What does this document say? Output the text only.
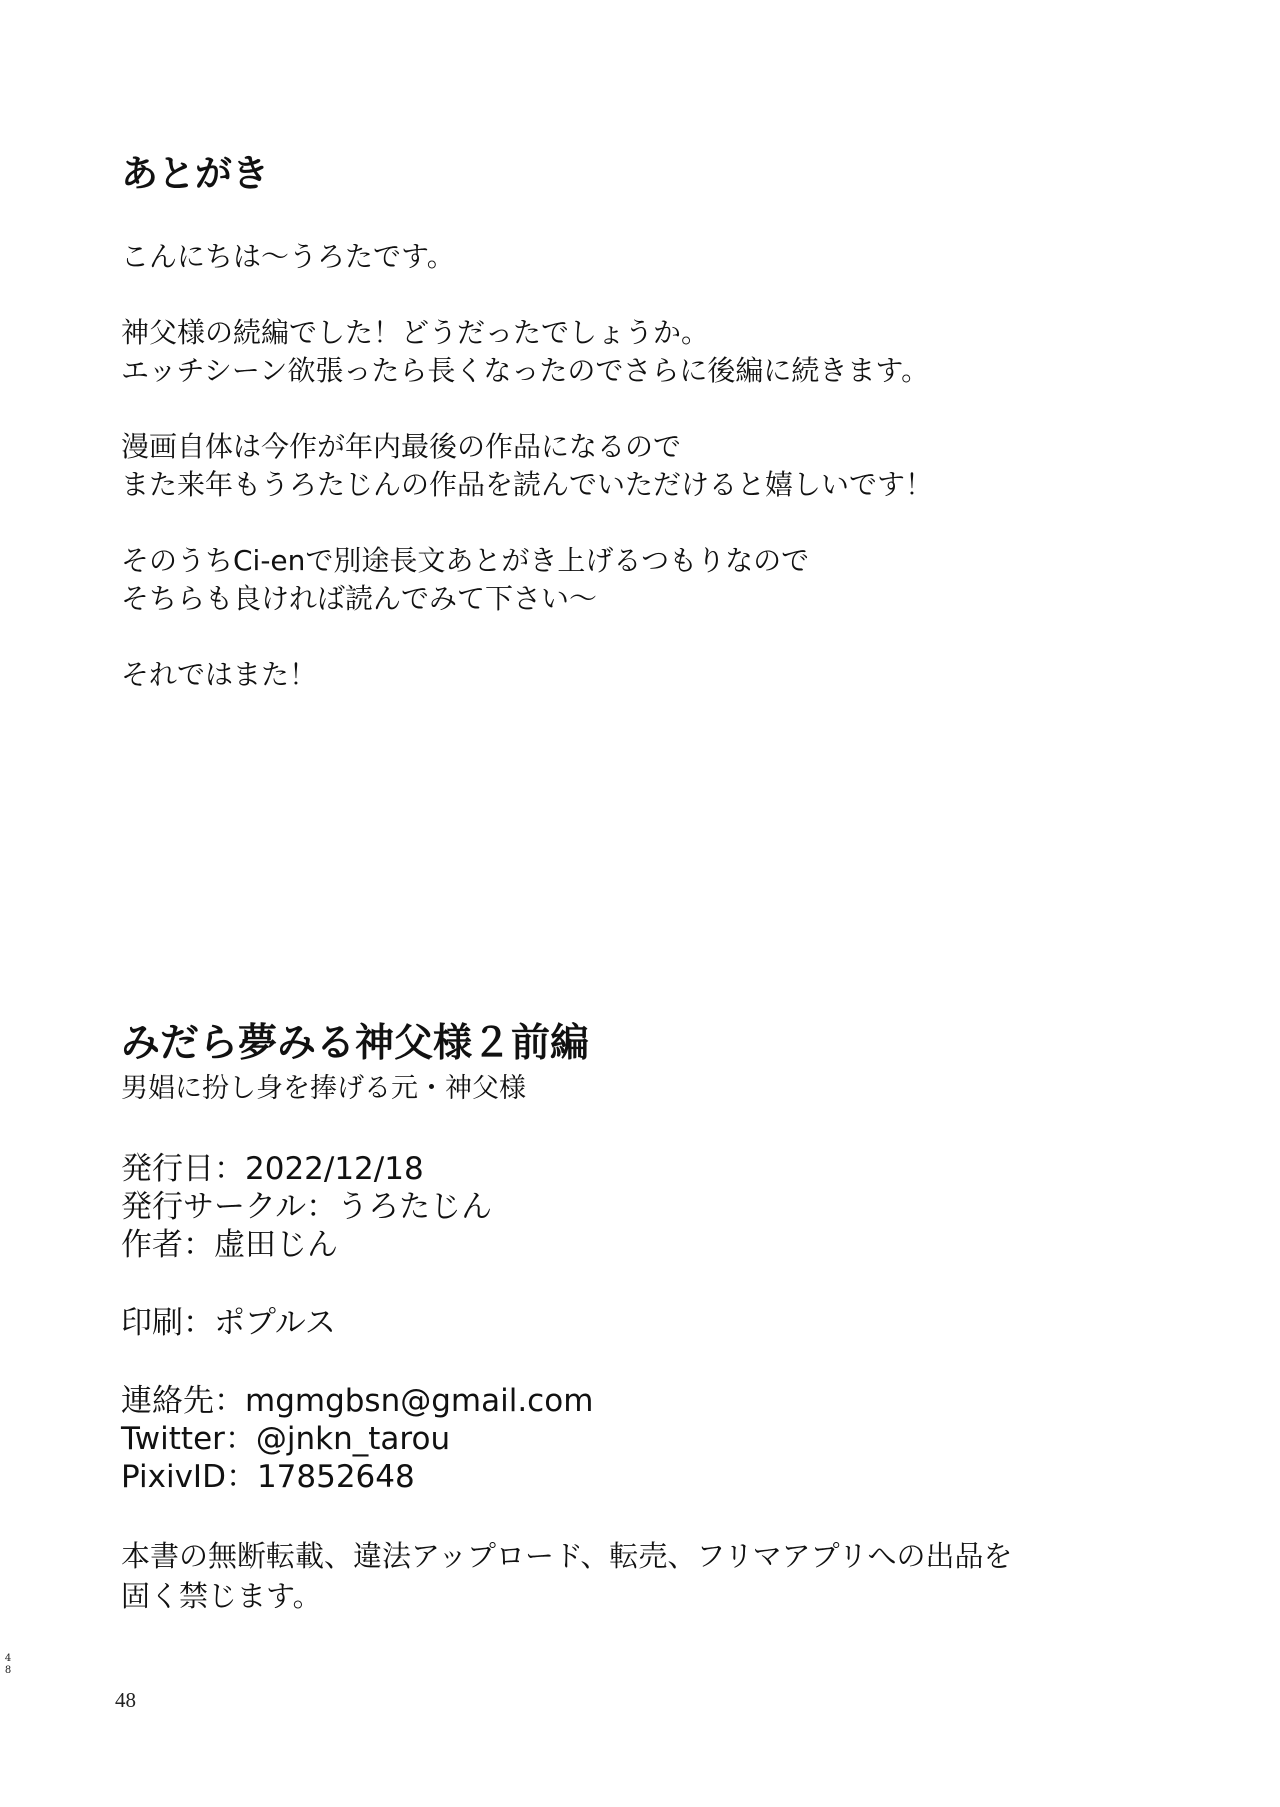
あとがき

こんにちは〜うろたです。

神父様の続編でした！どうだったでしょうか。
エッチシーン欲張ったら長くなったのでさらに後編に続きます。

漫画自体は今作が年内最後の作品になるので
また来年もうろたじんの作品を読んでいただけると嬉しいです！

そのうちCi-enで別途長文あとがき上げるつもりなので
そちらも良ければ読んでみて下さい〜

それではまた！

みだら夢みる神父様２前編
男娼に扮し身を捧げる元・神父様
発行日：2022/12/18
発行サークル：うろたじん
作者：虚田じん
印刷：ポプルス
連絡先：mgmgbsn@gmail.com
Twitter：@jnkn_tarou
PixivID：17852648
本書の無断転載、違法アップロード、転売、フリマアプリへの出品を
固く禁じます。
4
8
48
